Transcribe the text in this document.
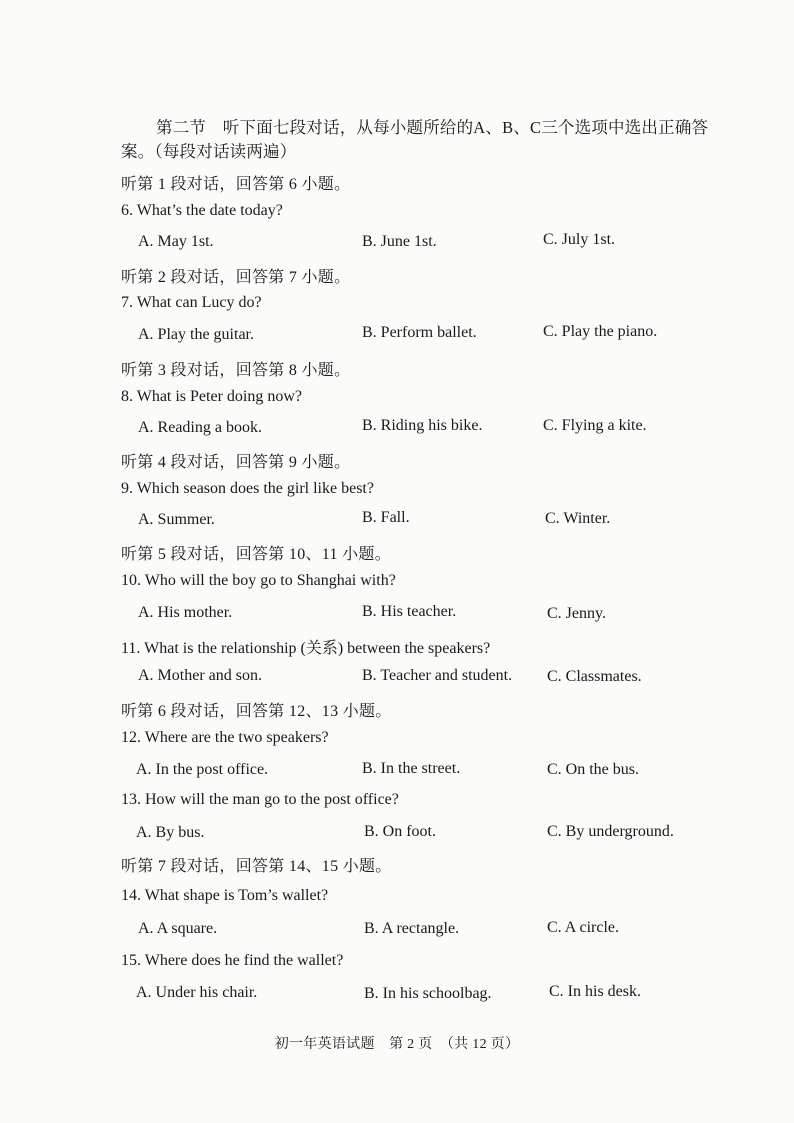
第二节　听下面七段对话，从每小题所给的A、B、C三个选项中选出正确答
案。（每段对话读两遍）
听第 1 段对话，回答第 6 小题。
6. What’s the date today?
A. May 1st.	B. June 1st.	C. July 1st.
听第 2 段对话，回答第 7 小题。
7. What can Lucy do?
A. Play the guitar.	B. Perform ballet.	C. Play the piano.
听第 3 段对话，回答第 8 小题。
8. What is Peter doing now?
A. Reading a book.	B. Riding his bike.	C. Flying a kite.
听第 4 段对话，回答第 9 小题。
9. Which season does the girl like best?
A. Summer.	B. Fall.	C. Winter.
听第 5 段对话，回答第 10、11 小题。
10. Who will the boy go to Shanghai with?
A. His mother.	B. His teacher.	C. Jenny.
11. What is the relationship (关系) between the speakers?
A. Mother and son.	B. Teacher and student. C. Classmates.
听第 6 段对话，回答第 12、13 小题。
12. Where are the two speakers?
A. In the post office.	B. In the street.	C. On the bus.
13. How will the man go to the post office?
A. By bus.	B. On foot.	C. By underground.
听第 7 段对话，回答第 14、15 小题。
14. What shape is Tom’s wallet?
A. A square.	B. A rectangle.	C. A circle.
15. Where does he find the wallet?
A. Under his chair.	B. In his schoolbag.	C. In his desk.
初一年英语试题　第 2 页　（共 12 页）
